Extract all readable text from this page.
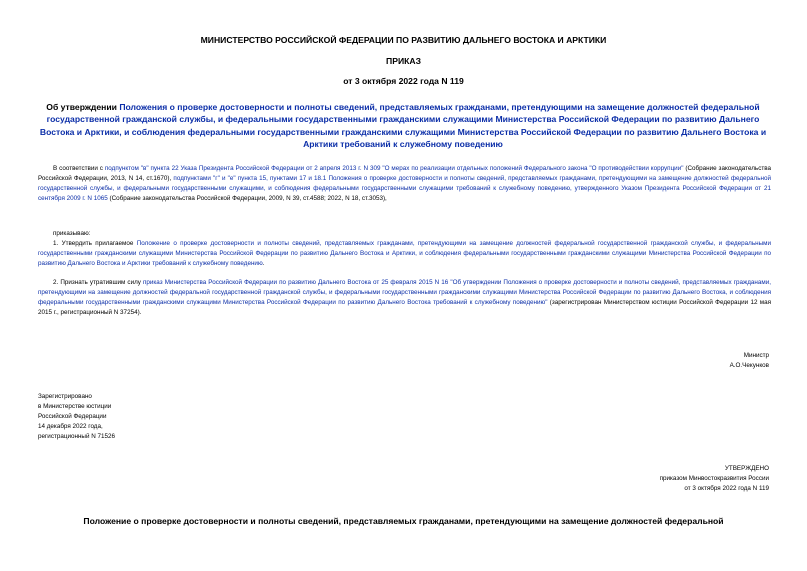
МИНИСТЕРСТВО РОССИЙСКОЙ ФЕДЕРАЦИИ ПО РАЗВИТИЮ ДАЛЬНЕГО ВОСТОКА И АРКТИКИ
ПРИКАЗ
от 3 октября 2022 года N 119
Об утверждении Положения о проверке достоверности и полноты сведений, представляемых гражданами, претендующими на замещение должностей федеральной государственной гражданской службы, и федеральными государственными гражданскими служащими Министерства Российской Федерации по развитию Дальнего Востока и Арктики, и соблюдения федеральными государственными гражданскими служащими Министерства Российской Федерации по развитию Дальнего Востока и Арктики требований к служебному поведению
В соответствии с подпунктом "в" пункта 22 Указа Президента Российской Федерации от 2 апреля 2013 г. N 309 "О мерах по реализации отдельных положений Федерального закона "О противодействии коррупции" (Собрание законодательства Российской Федерации, 2013, N 14, ст.1670), подпунктами "г" и "е" пункта 15, пунктами 17 и 18.1 Положения о проверке достоверности и полноты сведений, представляемых гражданами, претендующими на замещение должностей федеральной государственной службы, и федеральными государственными служащими, и соблюдения федеральными государственными служащими требований к служебному поведению, утвержденного Указом Президента Российской Федерации от 21 сентября 2009 г. N 1065 (Собрание законодательства Российской Федерации, 2009, N 39, ст.4588; 2022, N 18, ст.3053),
приказываю:
1. Утвердить прилагаемое Положение о проверке достоверности и полноты сведений, представляемых гражданами, претендующими на замещение должностей федеральной государственной гражданской службы, и федеральными государственными гражданскими служащими Министерства Российской Федерации по развитию Дальнего Востока и Арктики, и соблюдения федеральными государственными гражданскими служащими Министерства Российской Федерации по развитию Дальнего Востока и Арктики требований к служебному поведению.
2. Признать утратившим силу приказ Министерства Российской Федерации по развитию Дальнего Востока от 25 февраля 2015 N 16 "Об утверждении Положения о проверке достоверности и полноты сведений, представляемых гражданами, претендующими на замещение должностей федеральной государственной гражданской службы, и федеральными государственными гражданскими служащими Министерства Российской Федерации по развитию Дальнего Востока, и соблюдения федеральными государственными гражданскими служащими Министерства Российской Федерации по развитию Дальнего Востока требований к служебному поведению" (зарегистрирован Министерством юстиции Российской Федерации 12 мая 2015 г., регистрационный N 37254).
Министр
А.О.Чекунков
Зарегистрировано
в Министерстве юстиции
Российской Федерации
14 декабря 2022 года,
регистрационный N 71526
УТВЕРЖДЕНО
приказом Минвостокразвития России
от 3 октября 2022 года N 119
Положение о проверке достоверности и полноты сведений, представляемых гражданами, претендующими на замещение должностей федеральной
